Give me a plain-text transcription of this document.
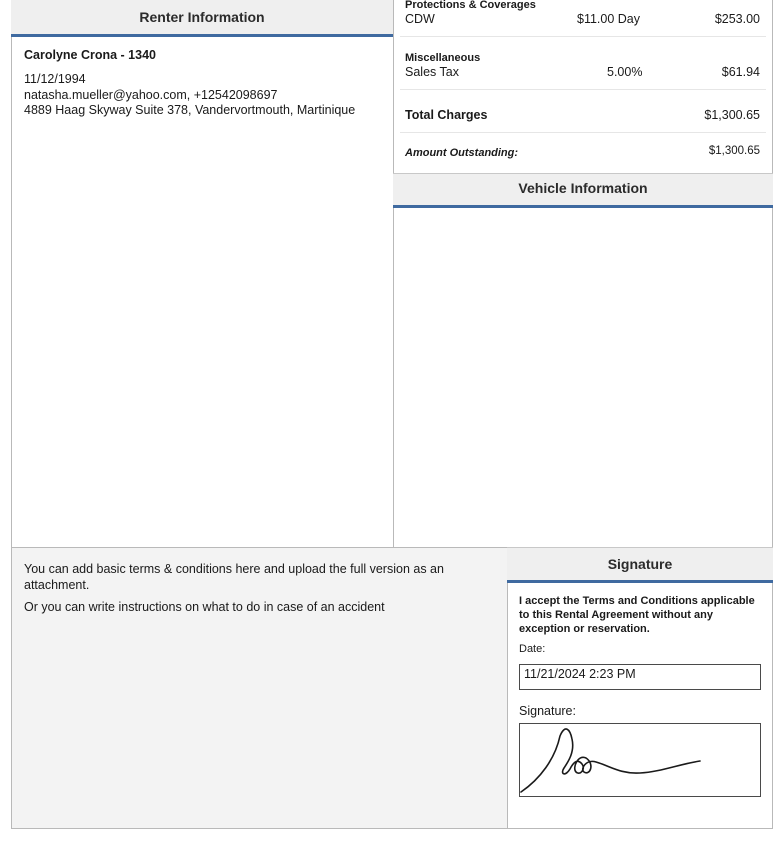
Renter Information
Carolyne Crona - 1340
11/12/1994
natasha.mueller@yahoo.com, +12542098697
4889 Haag Skyway Suite 378, Vandervortmouth, Martinique
Protections & Coverages
CDW	$11.00 Day	$253.00
Miscellaneous
Sales Tax	5.00%	$61.94
Total Charges	$1,300.65
Amount Outstanding:	$1,300.65
Vehicle Information
You can add basic terms & conditions here and upload the full version as an attachment.
Or you can write instructions on what to do in case of an accident
Signature
I accept the Terms and Conditions applicable to this Rental Agreement without any exception or reservation.
Date:
11/21/2024 2:23 PM
Signature:
